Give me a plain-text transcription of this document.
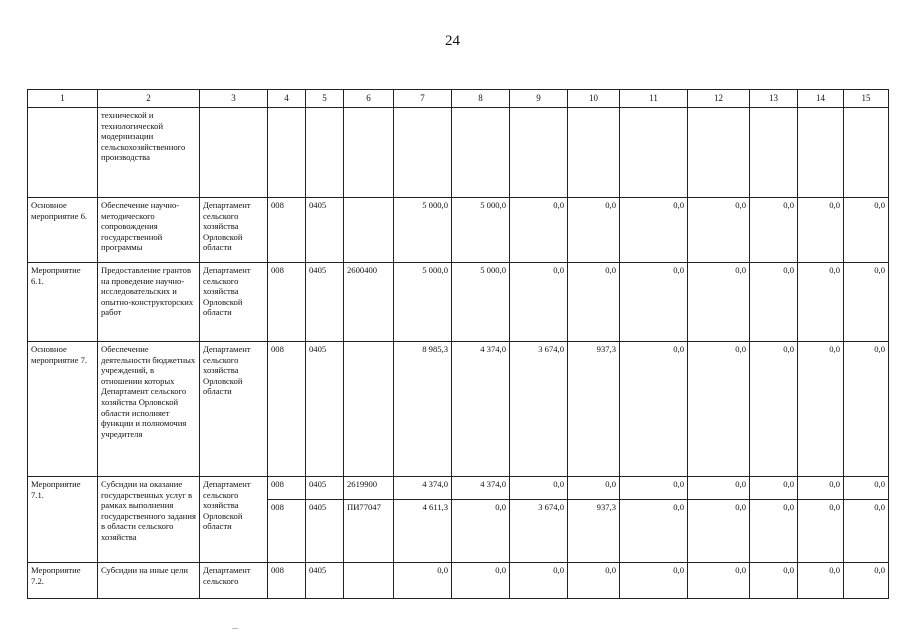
24
1	2	3	4	5	6	7	8	9	10	11	12	13	14	15
	технической и технологической модернизации сельскохозяйственного производства													
Основное мероприятие 6.	Обеспечение научно-методического сопровождения государственной программы	Департамент сельского хозяйства Орловской области	008	0405		5 000,0	5 000,0	0,0	0,0	0,0	0,0	0,0	0,0	0,0
Мероприятие 6.1.	Предоставление грантов на проведение научно-исследовательских и опытно-конструкторских работ	Департамент сельского хозяйства Орловской области	008	0405	2600400	5 000,0	5 000,0	0,0	0,0	0,0	0,0	0,0	0,0	0,0
Основное мероприятие 7.	Обеспечение деятельности бюджетных учреждений, в отношении которых Департамент сельского хозяйства Орловской области исполняет функции и полномочия учредителя	Департамент сельского хозяйства Орловской области	008	0405		8 985,3	4 374,0	3 674,0	937,3	0,0	0,0	0,0	0,0	0,0
Мероприятие 7.1.	Субсидии на оказание государственных услуг в рамках выполнения государственного задания в области сельского хозяйства	Департамент сельского хозяйства Орловской области	008	0405	2619900	4 374,0	4 374,0	0,0	0,0	0,0	0,0	0,0	0,0	0,0
			008	0405	ПИ77047	4 611,3	0,0	3 674,0	937,3	0,0	0,0	0,0	0,0	0,0
Мероприятие 7.2.	Субсидии на иные цели	Департамент сельского	008	0405		0,0	0,0	0,0	0,0	0,0	0,0	0,0	0,0	0,0
